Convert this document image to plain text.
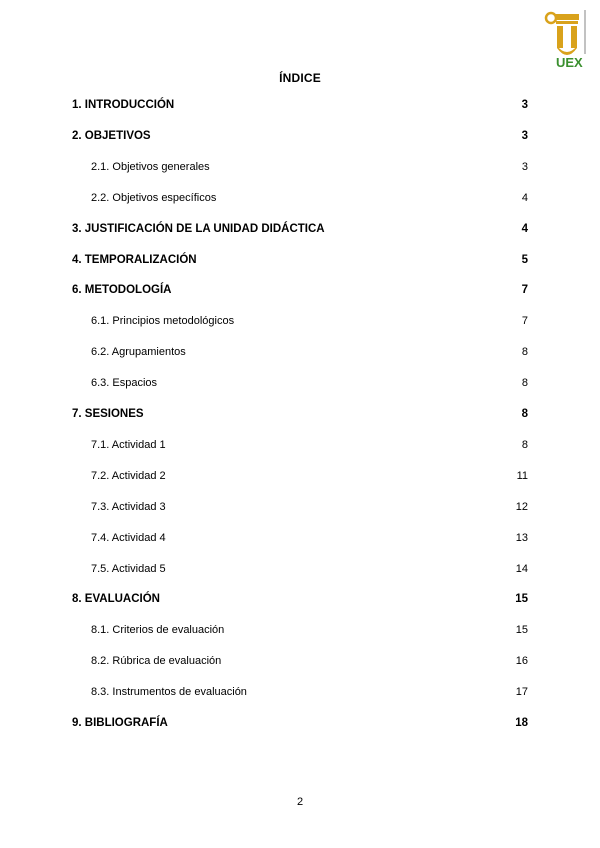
UEX
ÍNDICE
1. INTRODUCCIÓN	3
2. OBJETIVOS	3
2.1. Objetivos generales	3
2.2. Objetivos específicos	4
3. JUSTIFICACIÓN DE LA UNIDAD DIDÁCTICA	4
4. TEMPORALIZACIÓN	5
6. METODOLOGÍA	7
6.1. Principios metodológicos	7
6.2. Agrupamientos	8
6.3. Espacios	8
7. SESIONES	8
7.1. Actividad 1	8
7.2. Actividad 2	11
7.3. Actividad 3	12
7.4. Actividad 4	13
7.5. Actividad 5	14
8. EVALUACIÓN	15
8.1. Criterios de evaluación	15
8.2. Rúbrica de evaluación	16
8.3. Instrumentos de evaluación	17
9. BIBLIOGRAFÍA	18
2
